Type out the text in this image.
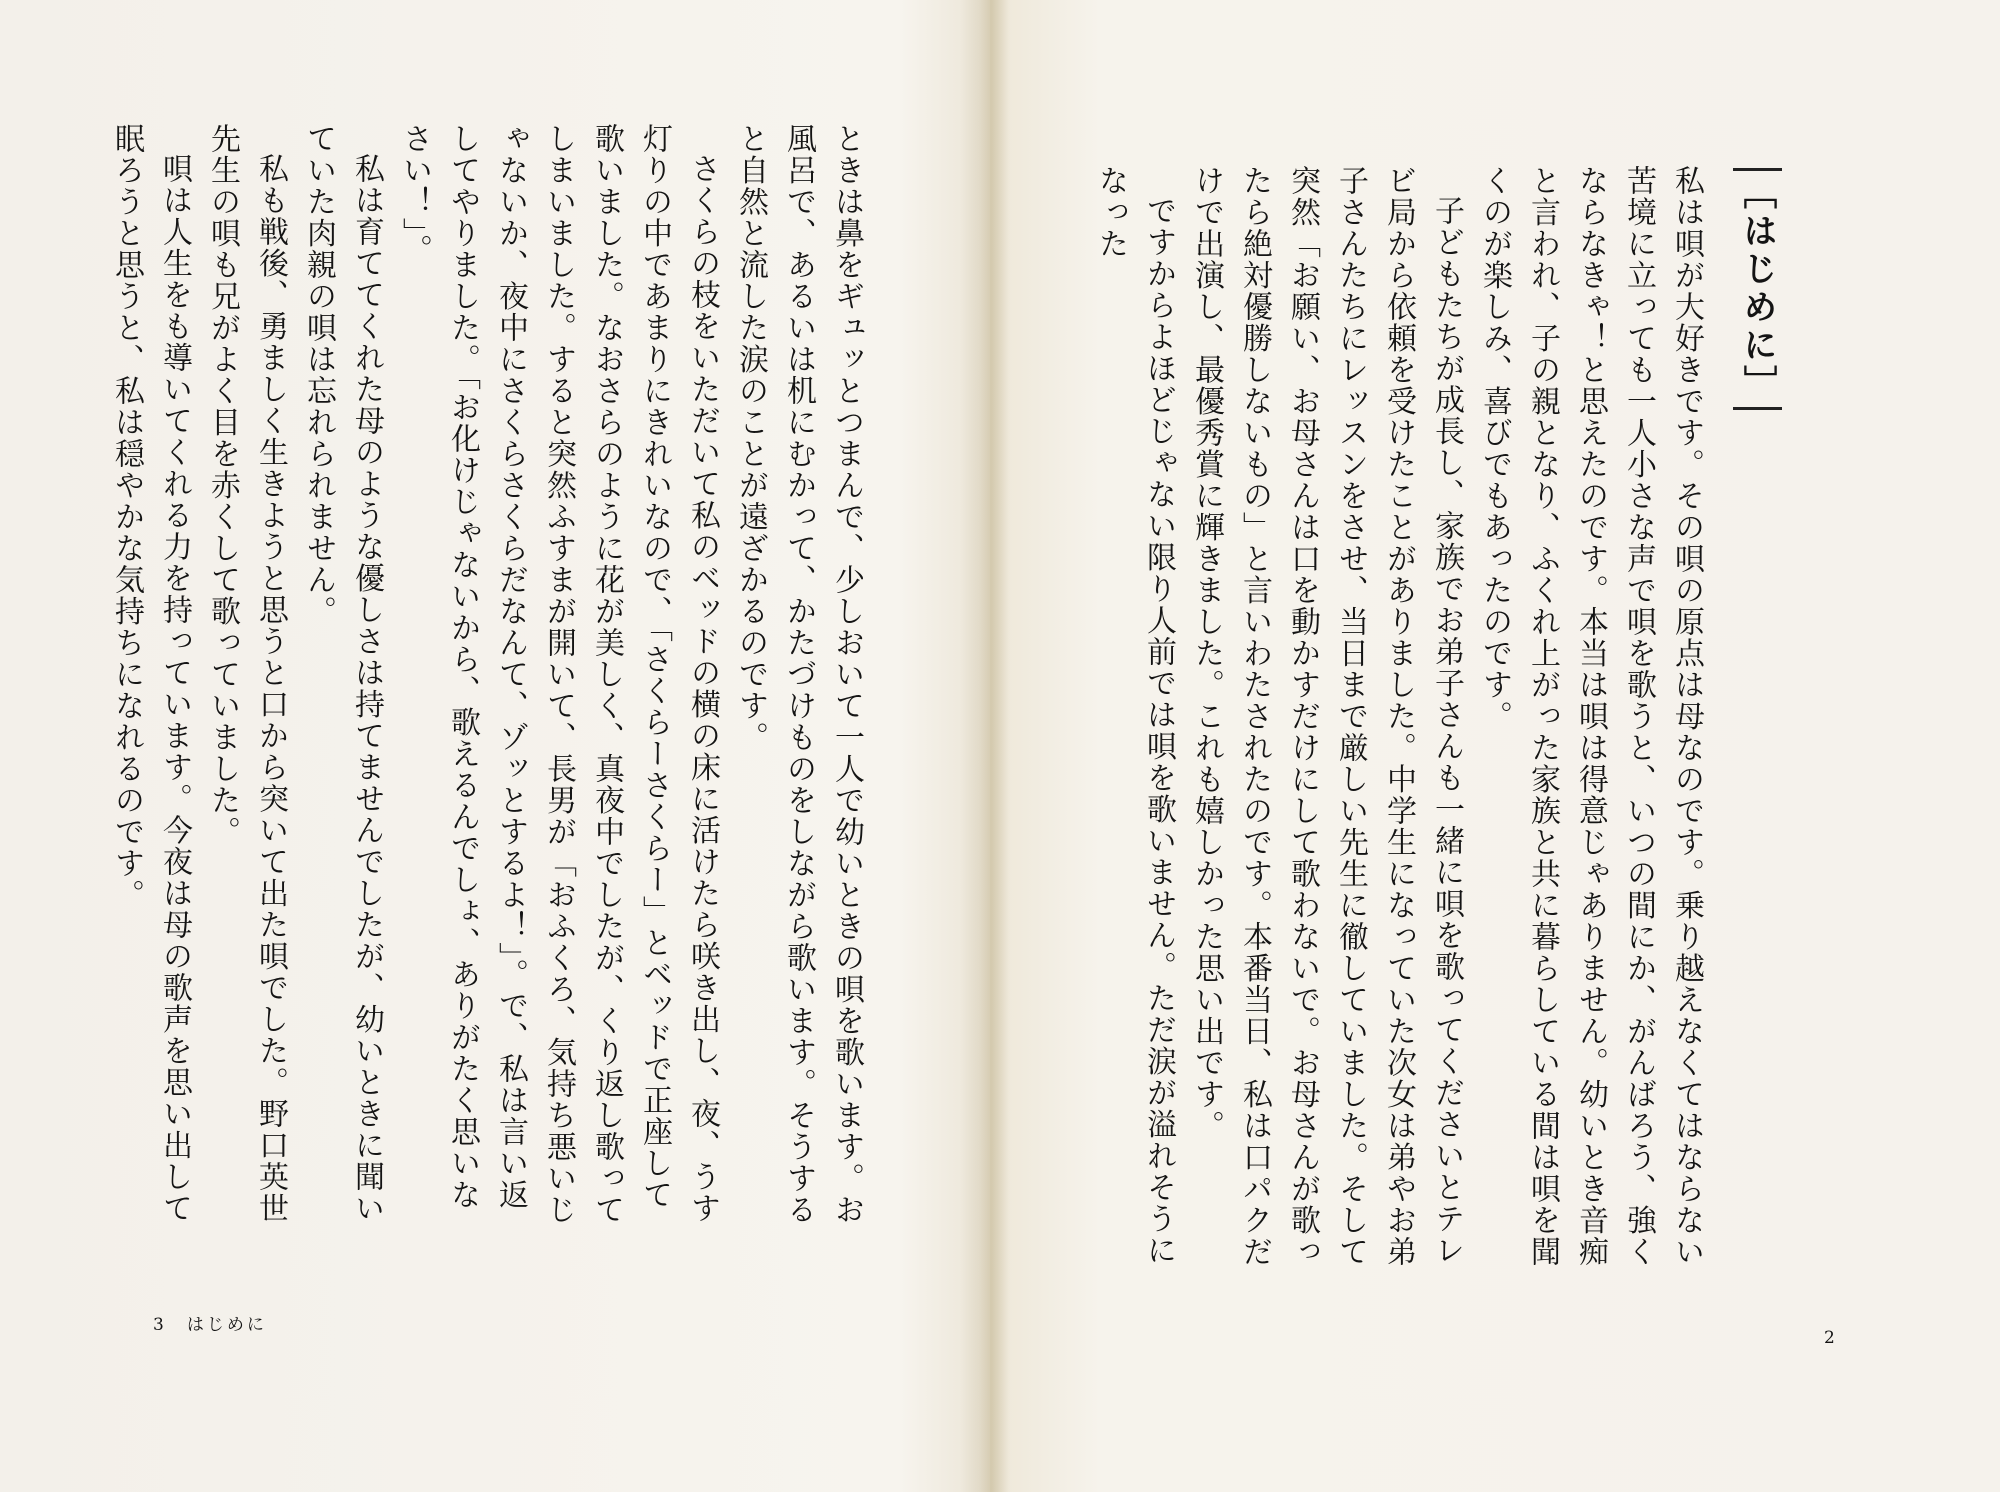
［はじめに］

私は唄が大好きです。その唄の原点は母なのです。乗り越えなくてはならない苦境に立っても一人小さな声で唄を歌うと、いつの間にか、がんばろう、強くならなきゃ！と思えたのです。本当は唄は得意じゃありません。幼いとき音痴と言われ、子の親となり、ふくれ上がった家族と共に暮らしている間は唄を聞くのが楽しみ、喜びでもあったのです。

子どもたちが成長し、家族でお弟子さんも一緒に唄を歌ってくださいとテレビ局から依頼を受けたことがありました。中学生になっていた次女は弟やお弟子さんたちにレッスンをさせ、当日まで厳しい先生に徹していました。そして突然「お願い、お母さんは口を動かすだけにして歌わないで。お母さんが歌ったら絶対優勝しないもの」と言いわたされたのです。本番当日、私は口パクだけで出演し、最優秀賞に輝きました。これも嬉しかった思い出です。

ですからよほどじゃない限り人前では唄を歌いません。ただ涙が溢れそうになった

2

ときは鼻をギュッとつまんで、少しおいて一人で幼いときの唄を歌います。お風呂で、あるいは机にむかって、かたづけものをしながら歌います。そうすると自然と流した涙のことが遠ざかるのです。

さくらの枝をいただいて私のベッドの横の床に活けたら咲き出し、夜、うす灯りの中であまりにきれいなので、「さくらーさくらー」とベッドで正座して歌いました。なおさらのように花が美しく、真夜中でしたが、くり返し歌ってしまいました。すると突然ふすまが開いて、長男が「おふくろ、気持ち悪いじゃないか、夜中にさくらさくらだなんて、ゾッとするよ！」。で、私は言い返してやりました。「お化けじゃないから、歌えるんでしょ、ありがたく思いなさい！」。

私は育ててくれた母のような優しさは持てませんでしたが、幼いときに聞いていた肉親の唄は忘れられません。

私も戦後、勇ましく生きようと思うと口から突いて出た唄でした。野口英世先生の唄も兄がよく目を赤くして歌っていました。

唄は人生をも導いてくれる力を持っています。今夜は母の歌声を思い出して眠ろうと思うと、私は穏やかな気持ちになれるのです。

3　はじめに
